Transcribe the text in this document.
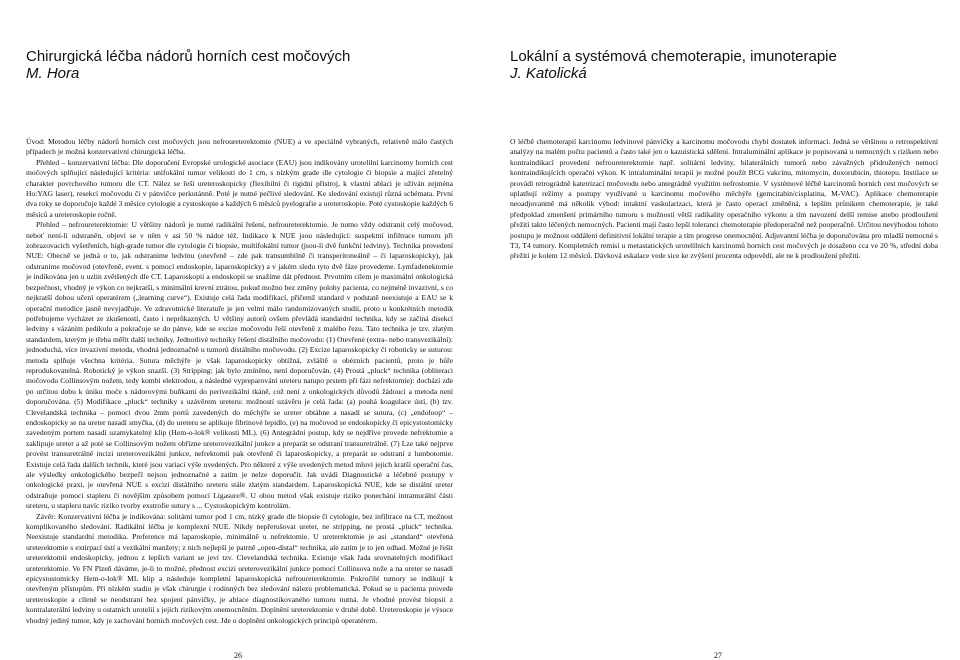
Chirurgická léčba nádorů horních cest močových
M. Hora

Úvod: Metodou léčby nádorů horních cest močových jsou nefroureterektomie (NUE) a ve speciálně vybraných, relativně málo častých případech je možná konzervativní chirurgická léčba.

Přehled – konzervativní léčba: Dle doporučení Evropské urologické asociace (EAU) jsou indikovány urotelilní karcinomy horních cest močových splňující následující kritéria: unifokální tumor velikosti do 1 cm, s nízkým grade dle cytologie či biopsie a mající zřetelný charakter povrchového tumoru dle CT. Nález se řeší ureteroskopicky (flexibilní či rigidní přístroj, k vlastní ablaci je užíván zejména Ho:YAG laser), resekcí močovodu či v pánvičce perkutánně. Poté je nutné pečlivé sledování. Ke sledování existují různá schémata. První dva roky se doporučuje každé 3 měsíce cytologie a cystoskopie a každých 6 měsíců pyelografie a ureteroskopie. Poté cystoskopie každých 6 měsíců a ureteroskopie ročně.

Přehled – nefroureterektomie: U většiny nádorů je nutné radikální řešení, nefroureterektomie. Je nutno vždy odstranit celý močovod, neboť není-li odstraněn, objeví se v něm v asi 50 % nádor též. Indikace k NUE jsou následující: suspektní infiltrace tumoru při zobrazovacích vyšetřeních, high-grade tumor dle cytologie či biopsie, multifokální tumor (jsou-li dvě funkční ledviny). Technika provedení NUE: Obecně se jedná o to, jak odstranime ledvinu (otevřeně – zde pak transumbilně či transperitoneálně – či laparoskopicky), jak odstranime močovod (otevřeně, event. s pomocí endoskopie, laparoskopicky) a v jakém sledu tyto dvě fáze provedeme. Lymfadenektomie je indikována jen u uzlin zvětšených dle CT. Laparoskopii a endoskopii se snažíme dát přednost. Prvotním cílem je maximální onkologická bezpečnost, vhodný je výkon co nejkratší, s minimální krevní ztrátou, pokud možno bez změny polohy pacienta, co nejméně invazivní, s co nejkratší dobou učení operatérem („learning curve“). Existuje celá řada modifikací, přičemž standard v podstatě neexistuje a EAU se k operační metodice jasně nevyjadřuje. Ve zdravotnické literatuře je jen velmi málo randomizovaných studií, proto u konkrétních metodik potřebujeme vycházet ze zkušeností, často i neprůkazných. U většiny autorů ovšem převládá standardní technika, kdy se začíná disekcí ledviny s vázáním pedikulu a pokračuje se do pánve, kde se excize močovodu řeší otevřeně z malého řezu. Tato technika je tzv. zlatým standardem, kterým je třeba měřit další techniky. Jednotlivé techniky řešení distálního močovodu: (1) Otevřené (extra- nebo transvezikální): jednoduchá, více invazivní metoda, vhodná jednoznačně u tumorů distálního močovodu. (2) Excize laparoskopicky či roboticky se suturou: metoda splňuje všechna kritéria. Sutura měchýře je však laparoskopicky obtížná, zvláště u obézních pacientů, proto je hůře reprodukovatelná. Robotický je výkon snazší. (3) Stripping: jak bylo zmíněno, není doporučován. (4) Prostá „pluck“ technika (obliteraci močovodu Collinsovým nožem, tedy kombi elektrodou, a následné vypreparování ureteru natupo prstem při fázi nefrektomie): dochází zde po určitou dobu k úniku moče s nádorovými buňkami do perivezikální tkáně, což není z onkologických důvodů žádoucí a metoda není doporučována. (5) Modifikace „pluck“ techniky s uzávěrem ureteru: možností uzávěru je celá řada: (a) pouhá koagulace ústí, (b) tzv. Clevelandská technika – pomocí dvou 2mm portů zavedených do měchýře se ureter obtáhne a nasadí se sutura, (c) „endoloop“ – endoskopicky se na ureter nasadí smyčka, (d) do ureteru se aplikuje fibrinové lepidlo, (e) na močovod se endoskopicky či epicystostomicky zavedeným portem nasadí uzamykatelný klip (Hem-o-lok® velikosti ML). (6) Antegrádní postup, kdy se nejdříve provede nefrektomie a zaklipuje ureter a až poté se Collinsovým nožem obřízne ureterovezikální junkce a preparát se odstraní transuretrálně. (7) Lze také nejprve provést transuretrálně incizi ureterovezikální junkce, nefrektomii pak otevřeně či laparoskopicky, a preparát se odstraní z lumbotomie. Existuje celá řada dalších technik, které jsou variací výše uvedených. Pro některé z výše uvedených metod mluví jejich kratší operační čas, ale výsledky onkologického bezpečí nejsou jednoznačné a zatím je nelze doporučit. Jak uvádí Diagnostické a léčebné postupy v onkologické praxi, je otevřená NUE s excizí distálního ureteru stále zlatým standardem. Laparoskopická NUE, kde se distální ureter odstraňuje pomocí stapleru či novějším způsobem pomocí Ligasure®. U obou metod však existuje riziko ponechání intramurální části ureteru, u stapleru navíc riziko tvorby exstrofie sutury s ... Cystoskopickým kontrolám.

Závěr: Konzervativní léčba je indikována: solitární tumor pod 1 cm, nízký grade dle biopsie či cytologie, bez infiltrace na CT, možnost komplikovaného sledování. Radikální léčba je komplexní NUE. Nikdy nepřerušovat ureter, ne stripping, ne prostá „pluck“ technika. Neexistuje standardní metodika. Preference má laparoskopie, minimálně u nefrektomie. U ureterektomie je asi „standard“ otevřená ureterektomie s extirpací ústí a vezikální manžety; z nich nejlepší je patrně „open-distal“ technika, ale zatím je to jen odhad. Možné je řešit ureterektomii endoskopicky, jednou z lepších variant se jeví tzv. Clevelandská technika. Existuje však řada srovnatelných modifikací ureterektomie. Ve FN Plzeň dáváme, je-li to možné, přednost excizi ureterovezikální junkce pomocí Collinsova nože a na ureter se nasadí epicystostomicky Hem-o-lok® ML klip a následuje kompletní laparoskopická nefroureterektomie. Pokročilé tumory se indikují k otevřeným přístupům. Při nízkém stadiu je však chirurgie i rodinných bez sledování nálezu problematická. Pokud se u pacienta provede ureteroskopie a cíleně se neodstraní bez spojení pánvičky, je ablace diagnostikovaného tumoru nutná. Je vhodné provést biopsii z kontralaterální ledviny u ostatních urotelií s jejich rizikovým onemocněním. Doplnění ureterektomie v druhé době. Ureteroskopie je výsoce vhodný jediný tumor, kdy je zachování horních močových cest. Jde o doplnění onkologických principů operatérem.

26
Lokální a systémová chemoterapie, imunoterapie
J. Katolická

O léčbě chemoterapií karcinomu ledvinové pánvičky a karcinomu močovodu chybí dostatek informací. Jedná se většinou o retrospektivní analýzy na malém počtu pacientů a často také jen o kazuistická sdělení. Intraluminální aplikace je popisovaná u nemocných s rizikem nebo kontraindikací provedení nefroureterektomie např. solitární ledviny, bilaterálních tumorů nebo závažných přidružených nemocí kontraindikujících operační výkon. K intraluminální terapii je možné použít BCG vakcínu, mitomycin, doxorubicin, thiotepu. Instilace se provádí retrográdně katetrizací močovodu nebo antegrádně využitím nefrostomie. V systémové léčbě karcinomů horních cest močových se uplatňují režimy a postupy využívané u karcinomu močového měchýře (gemcitabin/cisplatina, M-VAC). Aplikace chemoterapie neoadjuvantně má několik výhod: intaktní vaskularizaci, která je často operací změněná, s lepším průnikem chemoterapie, je také předpoklad zmenšení primárního tumoru s možností větší radikality operačního výkonu a tím navození delší remise anebo prodloužení přežití takto léčených nemocných. Pacienti mají často lepší toleranci chemoterapie předoperačně než pooperačně. Určitou nevýhodou tohoto postupu je možnost oddálení definitivní lokální terapie a tím progrese onemocnění. Adjuvantní léčba je doporučována pro mladší nemocné s T3, T4 tumory. Kompletních remisí u metastatických urotelilních karcinomů horních cest močových je dosaženo cca ve 20 %, střední doba přežití je kolem 12 měsíců. Dávková eskalace vede sice ke zvýšení procenta odpovědí, ale ne k prodloužení přežití.

27
